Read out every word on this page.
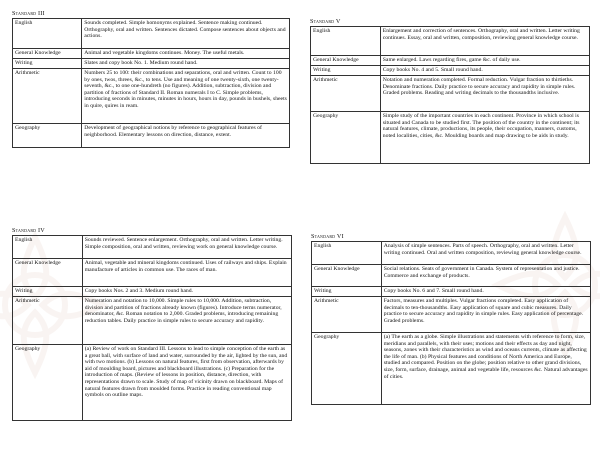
Standard III
English	Sounds completed. Simple homonyms explained. Sentence making continued. Orthography, oral and written. Sentences dictated. Compose sentences about objects and actions.
General Knowledge	Animal and vegetable kingdoms continues. Money. The useful metals.
Writing	Slates and copy book No. 1. Medium round hand.
Arithmetic	Numbers 25 to 100: their combinations and separations, oral and written. Count to 100 by ones, twos, threes, &c., to tens. Use and meaning of one twenty-sixth, one twenty-seventh, &c., to one one-hundreth (no figures). Addition, subtraction, division and partition of fractions of Standard II. Roman numerals I to C. Simple problems, introducing seconds in minutes, minutes in hours, hours in day, pounds in bushels, sheets in quire, quires in ream.
Geography	Development of geographical notions by reference to geographical features of neighborhood. Elementary lessons on direction, distance, extent.
Standard V
English	Enlargement and correction of sentences. Orthography, oral and written. Letter writing continues. Essay, oral and written, composition, reviewing general knowledge course.
General Knowledge	Same enlarged. Laws regarding fires, game &c. of daily use.
Writing	Copy books No. 4 and 5. Small round hand.
Arithmetic	Notation and numeration completed. Formal reduction. Vulgar fraction to thirtieths. Denominate fractions. Daily practice to secure accuracy and rapidity in simple rules. Graded problems. Reading and writing decimals to the thousandths inclusive.
Geography	Simple study of the important countries in each continent. Province in which school is situated and Canada to be studied first. The position of the country in the continent; its natural features, climate, productions, its people, their occupation, manners, customs, noted localities, cities, &c. Moulding boards and map drawing to be aids in study.
Standard IV
English	Sounds reviewed. Sentence enlargement. Orthography, oral and written. Letter writing. Simple composition, oral and written, reviewing work on general knowledge course.
General Knowledge	Animal, vegetable and mineral kingdoms continued. Uses of railways and ships. Explain manufacture of articles in common use. The races of man.
Writing	Copy books Nos. 2 and 3. Medium round hand.
Arithmetic	Numeration and notation to 10,000. Simple rules to 10,000. Addition, subtraction, division and partition of fractions already known (figures). Introduce terms numerator, denominator, &c. Roman notation to 2,000. Graded problems, introducing remaining reduction tables. Daily practice in simple rules to secure accuracy and rapidity.
Geography	(a) Review of work on Standard III. Lessons to lead to simple conception of the earth as a great ball, with surface of land and water, surrounded by the air, lighted by the sun, and with two motions. (b) Lessons on natural features, first from observation, afterwards by aid of moulding board, pictures and blackboard illustrations. (c) Preparation for the introduction of maps. (Review of lessons in position, distance, direction, with representations drawn to scale. Study of map of vicinity drawn on blackboard. Maps of natural features drawn from moulded forms. Practice in reading conventional map symbols on outline maps.
Standard VI
English	Analysis of simple sentences. Parts of speech. Orthography, oral and written. Letter writing continued. Oral and written composition, reviewing general knowledge course.
General Knowledge	Social relations. Seats of government in Canada. System of representation and justice. Commerce and exchange of products.
Writing	Copy books No. 6 and 7. Small round hand.
Arithmetic	Factors, measures and multiples. Vulgar fractions completed. Easy application of decimals to ten-thousandths. Easy application of square and cubic measures. Daily practice to secure accuracy and rapidity in simple rules. Easy application of percentage. Graded problems.
Geography	(a) The earth as a globe. Simple illustrations and statements with reference to form, size, meridians and parallels, with their uses; motions and their effects as day and night, seasons, zones with their characteristics as wind and oceans currents, climate as affecting the life of man. (b) Physical features and conditions of North America and Europe, studied and compared. Position on the globe; position relative to other grand divisions, size, form, surface, drainage, animal and vegetable life, resources &c. Natural advantages of cities.
